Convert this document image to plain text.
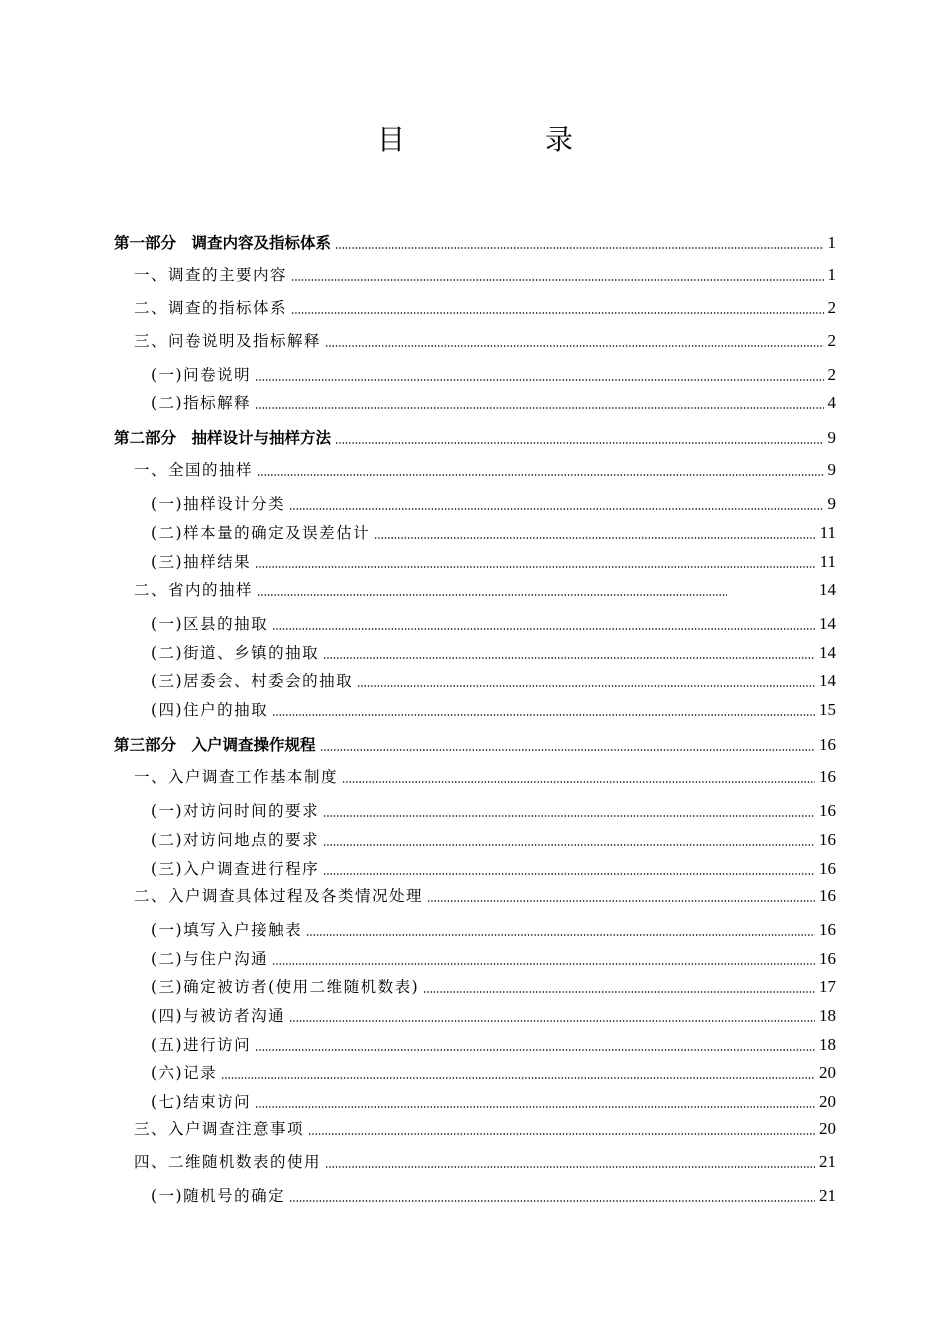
目　录
第一部分　调查内容及指标体系	1
一、调查的主要内容	1
二、调查的指标体系	2
三、问卷说明及指标解释	2
(一)问卷说明	2
(二)指标解释	4
第二部分　抽样设计与抽样方法	9
一、全国的抽样	9
(一)抽样设计分类	9
(二)样本量的确定及误差估计	11
(三)抽样结果	11
二、省内的抽样	14
(一)区县的抽取	14
(二)街道、乡镇的抽取	14
(三)居委会、村委会的抽取	14
(四)住户的抽取	15
第三部分　入户调查操作规程	16
一、入户调查工作基本制度	16
(一)对访问时间的要求	16
(二)对访问地点的要求	16
(三)入户调查进行程序	16
二、入户调查具体过程及各类情况处理	16
(一)填写入户接触表	16
(二)与住户沟通	16
(三)确定被访者(使用二维随机数表)	17
(四)与被访者沟通	18
(五)进行访问	18
(六)记录	20
(七)结束访问	20
三、入户调查注意事项	20
四、二维随机数表的使用	21
(一)随机号的确定	21
